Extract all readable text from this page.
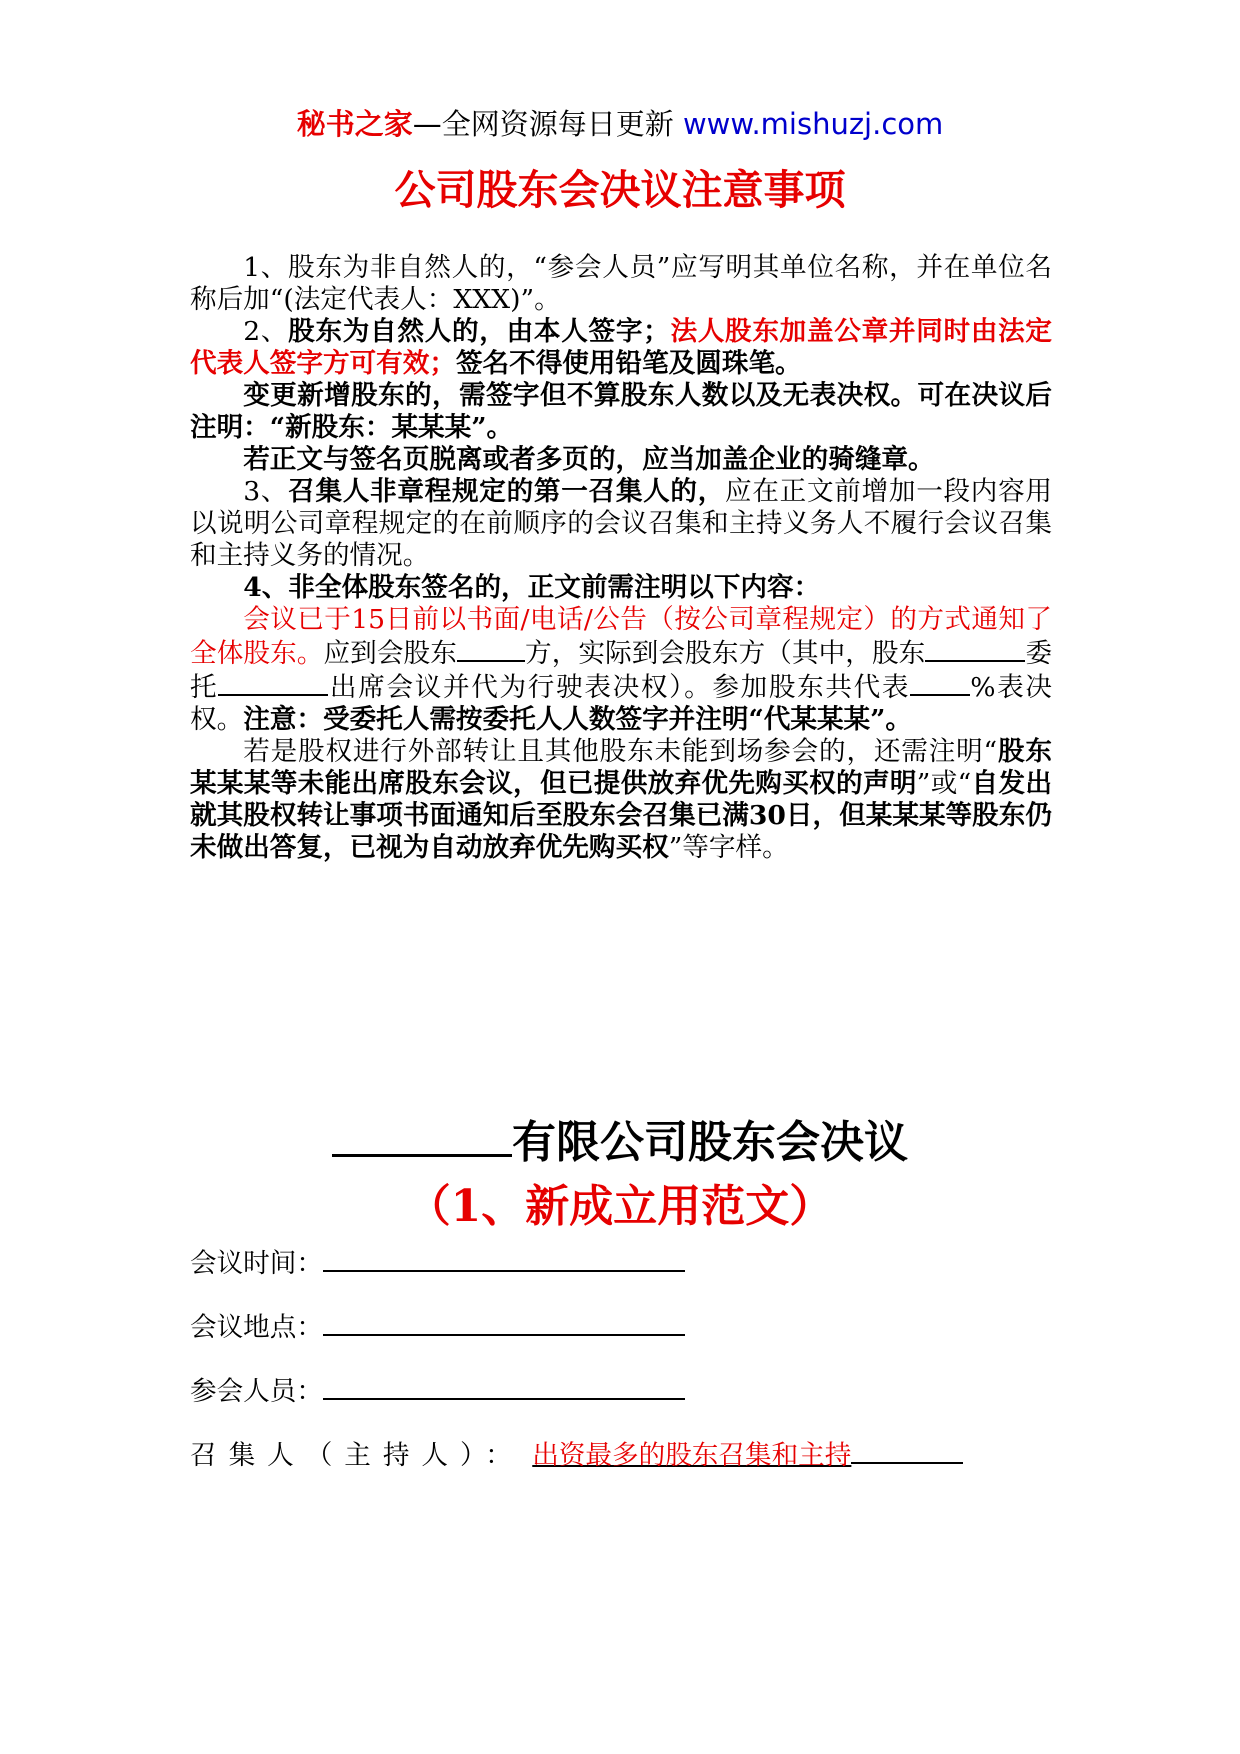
秘书之家—全网资源每日更新 www.mishuzj.com
公司股东会决议注意事项

1、股东为非自然人的，“参会人员”应写明其单位名称，并在单位名称后加“(法定代表人：XXX)”。

2、股东为自然人的，由本人签字；法人股东加盖公章并同时由法定代表人签字方可有效；签名不得使用铅笔及圆珠笔。

变更新增股东的，需签字但不算股东人数以及无表决权。可在决议后注明：“新股东：某某某”。

若正文与签名页脱离或者多页的，应当加盖企业的骑缝章。

3、召集人非章程规定的第一召集人的，应在正文前增加一段内容用以说明公司章程规定的在前顺序的会议召集和主持义务人不履行会议召集和主持义务的情况。

4、非全体股东签名的，正文前需注明以下内容：

会议已于15日前以书面/电话/公告（按公司章程规定）的方式通知了全体股东。应到会股东	方，实际到会股东方（其中，股东	委托	出席会议并代为行驶表决权）。参加股东共代表 %表决权。注意：受委托人需按委托人人数签字并注明“代某某某”。

若是股权进行外部转让且其他股东未能到场参会的，还需注明“股东某某某等未能出席股东会议，但已提供放弃优先购买权的声明”或“自发出就其股权转让事项书面通知后至股东会召集已满30日，但某某某等股东仍未做出答复，已视为自动放弃优先购买权”等字样。

有限公司股东会决议
（1、新成立用范文）
会议时间：
会议地点：
参会人员：
召集人（主持人）： 出资最多的股东召集和主持
